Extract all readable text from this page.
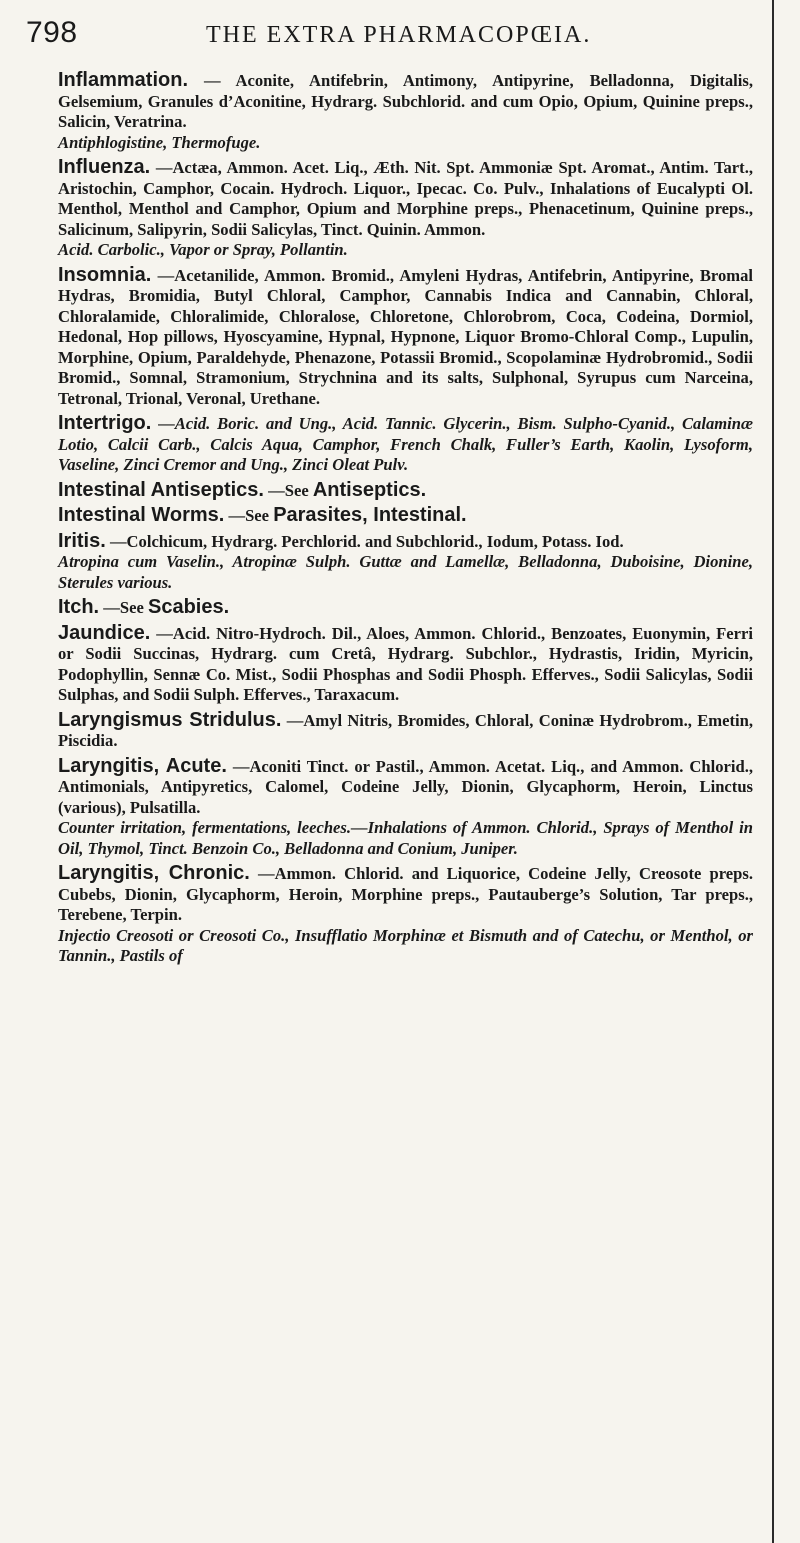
798	THE EXTRA PHARMACOPŒIA.

Inflammation. — Aconite, Antifebrin, Antimony, Antipyrine, Belladonna, Digitalis, Gelsemium, Granules d’Aconitine, Hydrarg. Subchlorid. and cum Opio, Opium, Quinine preps., Salicin, Veratrina.
Antiphlogistine, Thermofuge.

Influenza. —Actæa, Ammon. Acet. Liq., Æth. Nit. Spt. Ammoniæ Spt. Aromat., Antim. Tart., Aristochin, Camphor, Cocain. Hydroch. Liquor., Ipecac. Co. Pulv., Inhalations of Eucalypti Ol. Menthol, Menthol and Camphor, Opium and Morphine preps., Phenacetinum, Quinine preps., Salicinum, Salipyrin, Sodii Salicylas, Tinct. Quinin. Ammon.
Acid. Carbolic., Vapor or Spray, Pollantin.

Insomnia. —Acetanilide, Ammon. Bromid., Amyleni Hydras, Antifebrin, Antipyrine, Bromal Hydras, Bromidia, Butyl Chloral, Camphor, Cannabis Indica and Cannabin, Chloral, Chloralamide, Chloralimide, Chloralose, Chloretone, Chlorobrom, Coca, Codeina, Dormiol, Hedonal, Hop pillows, Hyoscyamine, Hypnal, Hypnone, Liquor Bromo-Chloral Comp., Lupulin, Morphine, Opium, Paraldehyde, Phenazone, Potassii Bromid., Scopolaminæ Hydrobromid., Sodii Bromid., Somnal, Stramonium, Strychnina and its salts, Sulphonal, Syrupus cum Narceina, Tetronal, Trional, Veronal, Urethane.

Intertrigo. —Acid. Boric. and Ung., Acid. Tannic. Glycerin., Bism. Sulpho-Cyanid., Calaminæ Lotio, Calcii Carb., Calcis Aqua, Camphor, French Chalk, Fuller’s Earth, Kaolin, Lysoform, Vaseline, Zinci Cremor and Ung., Zinci Oleat Pulv.

Intestinal Antiseptics. —See Antiseptics.

Intestinal Worms. —See Parasites, Intestinal.

Iritis. —Colchicum, Hydrarg. Perchlorid. and Subchlorid., Iodum, Potass. Iod.
Atropina cum Vaselin., Atropinæ Sulph. Guttæ and Lamellæ, Belladonna, Duboisine, Dionine, Sterules various.

Itch. —See Scabies.

Jaundice. —Acid. Nitro-Hydroch. Dil., Aloes, Ammon. Chlorid., Benzoates, Euonymin, Ferri or Sodii Succinas, Hydrarg. cum Cretâ, Hydrarg. Subchlor., Hydrastis, Iridin, Myricin, Podophyllin, Sennæ Co. Mist., Sodii Phosphas and Sodii Phosph. Efferves., Sodii Salicylas, Sodii Sulphas, and Sodii Sulph. Efferves., Taraxacum.

Laryngismus Stridulus. —Amyl Nitris, Bromides, Chloral, Coninæ Hydrobrom., Emetin, Piscidia.

Laryngitis, Acute. —Aconiti Tinct. or Pastil., Ammon. Acetat. Liq., and Ammon. Chlorid., Antimonials, Antipyretics, Calomel, Codeine Jelly, Dionin, Glycaphorm, Heroin, Linctus (various), Pulsatilla.
Counter irritation, fermentations, leeches.—Inhalations of Ammon. Chlorid., Sprays of Menthol in Oil, Thymol, Tinct. Benzoin Co., Belladonna and Conium, Juniper.

Laryngitis, Chronic. —Ammon. Chlorid. and Liquorice, Codeine Jelly, Creosote preps. Cubebs, Dionin, Glycaphorm, Heroin, Morphine preps., Pautauberge’s Solution, Tar preps., Terebene, Terpin.
Injectio Creosoti or Creosoti Co., Insufflatio Morphinæ et Bismuth and of Catechu, or Menthol, or Tannin., Pastils of
